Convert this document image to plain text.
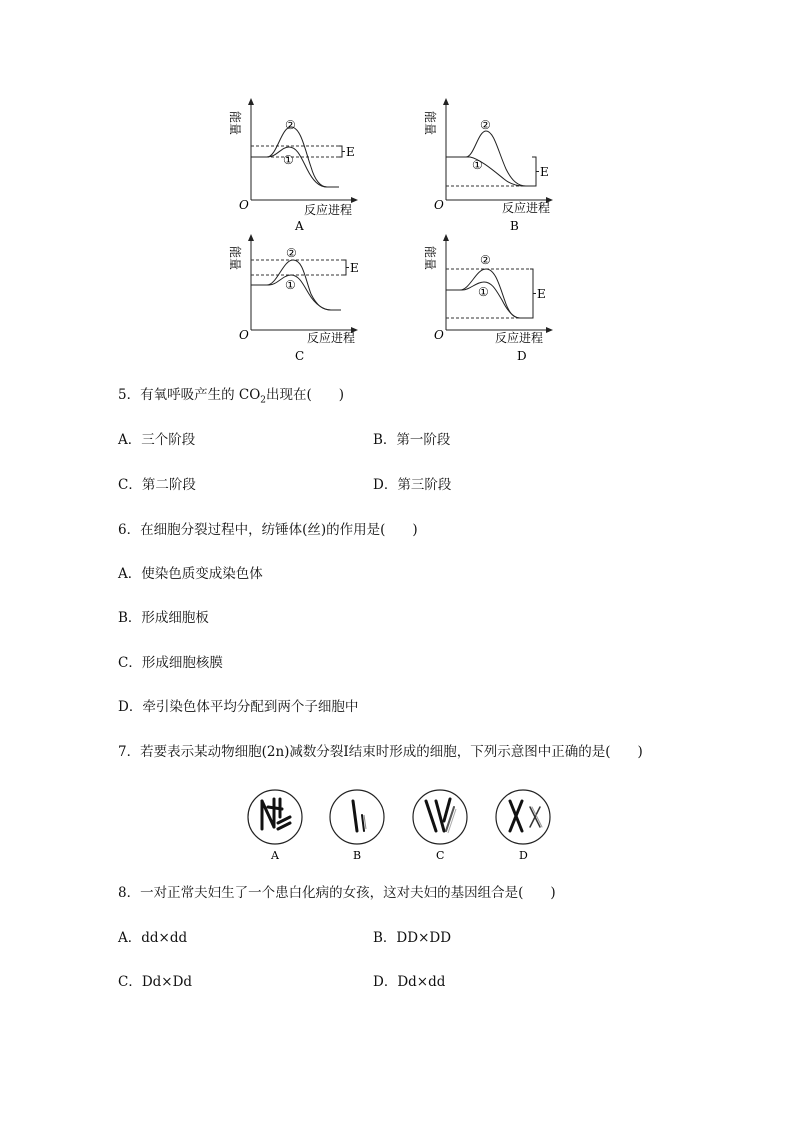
能量
O	反应进程
②
①
E
A
能量
O	反应进程
②
①	E
B
能量
O	反应进程
②
①
E
C
能量
O	反应进程
②
①	E
D
5．有氧呼吸产生的 $CO_2$出现在(　　)
A．三个阶段	B．第一阶段
C．第二阶段	D．第三阶段
6．在细胞分裂过程中，纺锤体(丝)的作用是(　　)
A．使染色质变成染色体
B．形成细胞板
C．形成细胞核膜
D．牵引染色体平均分配到两个子细胞中
7．若要表示某动物细胞(2n)减数分裂Ⅰ结束时形成的细胞，下列示意图中正确的是(　　)
A	B	C	D
8．一对正常夫妇生了一个患白化病的女孩，这对夫妇的基因组合是(　　)
A．dd×dd	B．DD×DD
C．Dd×Dd	D．Dd×dd
